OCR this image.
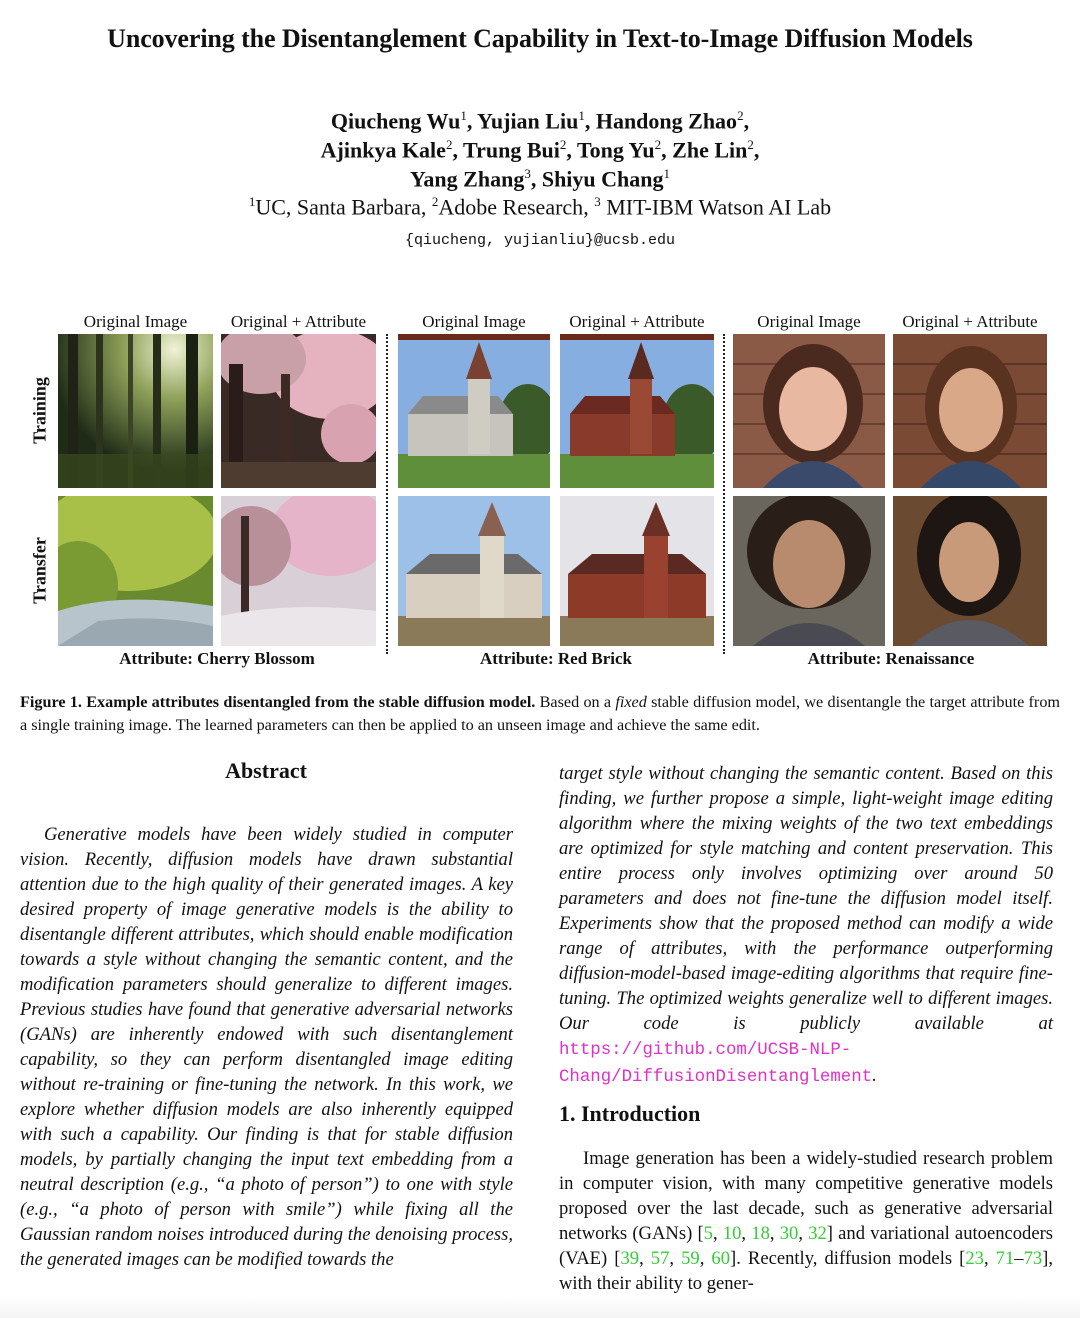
Uncovering the Disentanglement Capability in Text-to-Image Diffusion Models
Qiucheng Wu$^1$, Yujian Liu$^1$, Handong Zhao$^2$,
Ajinkya Kale$^2$, Trung Bui$^2$, Tong Yu$^2$, Zhe Lin$^2$,
Yang Zhang$^3$, Shiyu Chang$^1$
$^1$UC, Santa Barbara, $^2$Adobe Research, $^3$ MIT-IBM Watson AI Lab
{qiucheng, yujianliu}@ucsb.edu
Original Image	Original + Attribute	Original Image	Original + Attribute	Original Image	Original + Attribute
Training
Transfer
Attribute: Cherry Blossom	Attribute: Red Brick	Attribute: Renaissance
Figure 1. Example attributes disentangled from the stable diffusion model. Based on a fixed stable diffusion model, we disentangle the target attribute from a single training image. The learned parameters can then be applied to an unseen image and achieve the same edit.
Abstract

Generative models have been widely studied in computer vision. Recently, diffusion models have drawn substantial attention due to the high quality of their generated images. A key desired property of image generative models is the ability to disentangle different attributes, which should enable modification towards a style without changing the semantic content, and the modification parameters should generalize to different images. Previous studies have found that generative adversarial networks (GANs) are inherently endowed with such disentanglement capability, so they can perform disentangled image editing without re-training or fine-tuning the network. In this work, we explore whether diffusion models are also inherently equipped with such a capability. Our finding is that for stable diffusion models, by partially changing the input text embedding from a neutral description (e.g., “a photo of person”) to one with style (e.g., “a photo of person with smile”) while fixing all the Gaussian random noises introduced during the denoising process, the generated images can be modified towards the

target style without changing the semantic content. Based on this finding, we further propose a simple, light-weight image editing algorithm where the mixing weights of the two text embeddings are optimized for style matching and content preservation. This entire process only involves optimizing over around 50 parameters and does not fine-tune the diffusion model itself. Experiments show that the proposed method can modify a wide range of attributes, with the performance outperforming diffusion-model-based image-editing algorithms that require fine-tuning. The optimized weights generalize well to different images. Our code is publicly available at https://github.com/UCSB-NLP-Chang/DiffusionDisentanglement.

1. Introduction

Image generation has been a widely-studied research problem in computer vision, with many competitive generative models proposed over the last decade, such as generative adversarial networks (GANs) [5, 10, 18, 30, 32] and variational autoencoders (VAE) [39, 57, 59, 60]. Recently, diffusion models [23, 71–73], with their ability to gener-
